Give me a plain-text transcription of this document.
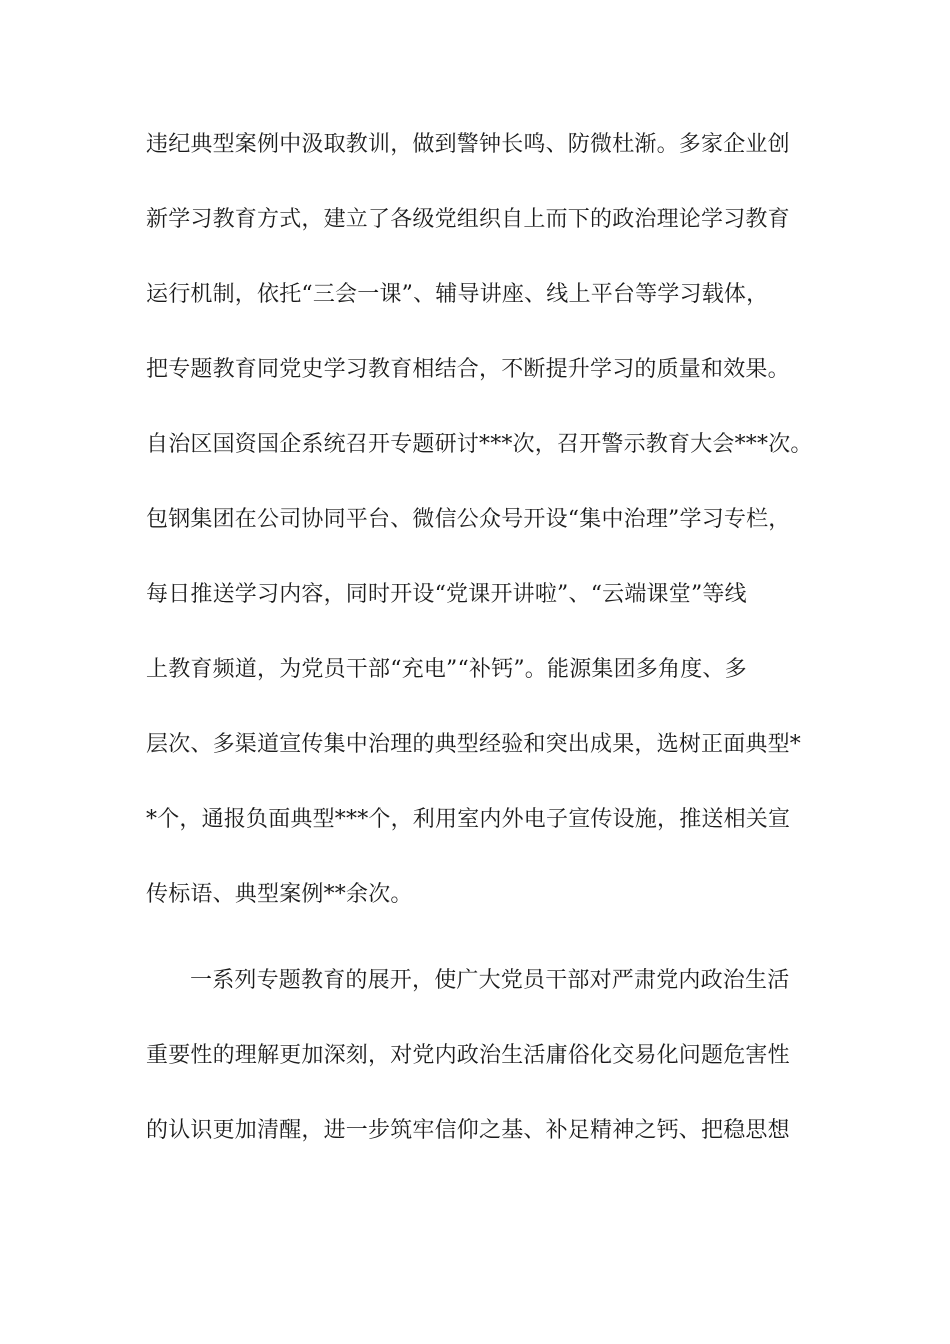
违纪典型案例中汲取教训，做到警钟长鸣、防微杜渐。多家企业创
新学习教育方式，建立了各级党组织自上而下的政治理论学习教育
运行机制，依托“三会一课”、辅导讲座、线上平台等学习载体，
把专题教育同党史学习教育相结合，不断提升学习的质量和效果。
自治区国资国企系统召开专题研讨***次，召开警示教育大会***次。
包钢集团在公司协同平台、微信公众号开设“集中治理”学习专栏，
每日推送学习内容，同时开设“党课开讲啦”、“云端课堂”等线
上教育频道，为党员干部“充电”“补钙”。能源集团多角度、多
层次、多渠道宣传集中治理的典型经验和突出成果，选树正面典型*
*个，通报负面典型***个，利用室内外电子宣传设施，推送相关宣
传标语、典型案例**余次。
一系列专题教育的展开，使广大党员干部对严肃党内政治生活
重要性的理解更加深刻，对党内政治生活庸俗化交易化问题危害性
的认识更加清醒，进一步筑牢信仰之基、补足精神之钙、把稳思想
